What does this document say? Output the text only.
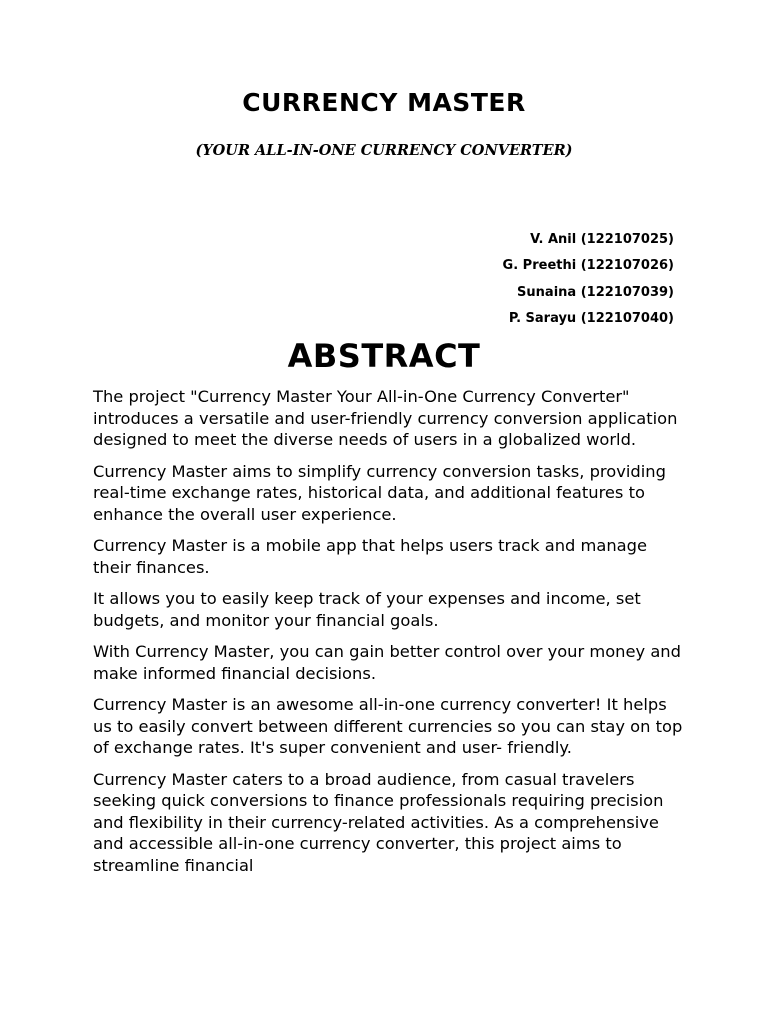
CURRENCY MASTER
(YOUR ALL-IN-ONE CURRENCY CONVERTER)
V. Anil (122107025)
G. Preethi (122107026)
Sunaina (122107039)
P. Sarayu (122107040)
ABSTRACT

The project "Currency Master Your All-in-One Currency Converter" introduces a versatile and user-friendly currency conversion application designed to meet the diverse needs of users in a globalized world.

Currency Master aims to simplify currency conversion tasks, providing real-time exchange rates, historical data, and additional features to enhance the overall user experience.

Currency Master is a mobile app that helps users track and manage their finances.

It allows you to easily keep track of your expenses and income, set budgets, and monitor your financial goals.

With Currency Master, you can gain better control over your money and make informed financial decisions.

Currency Master is an awesome all-in-one currency converter! It helps us to easily convert between different currencies so you can stay on top of exchange rates. It's super convenient and user- friendly.

Currency Master caters to a broad audience, from casual travelers seeking quick conversions to finance professionals requiring precision and flexibility in their currency-related activities. As a comprehensive and accessible all-in-one currency converter, this project aims to streamline financial
